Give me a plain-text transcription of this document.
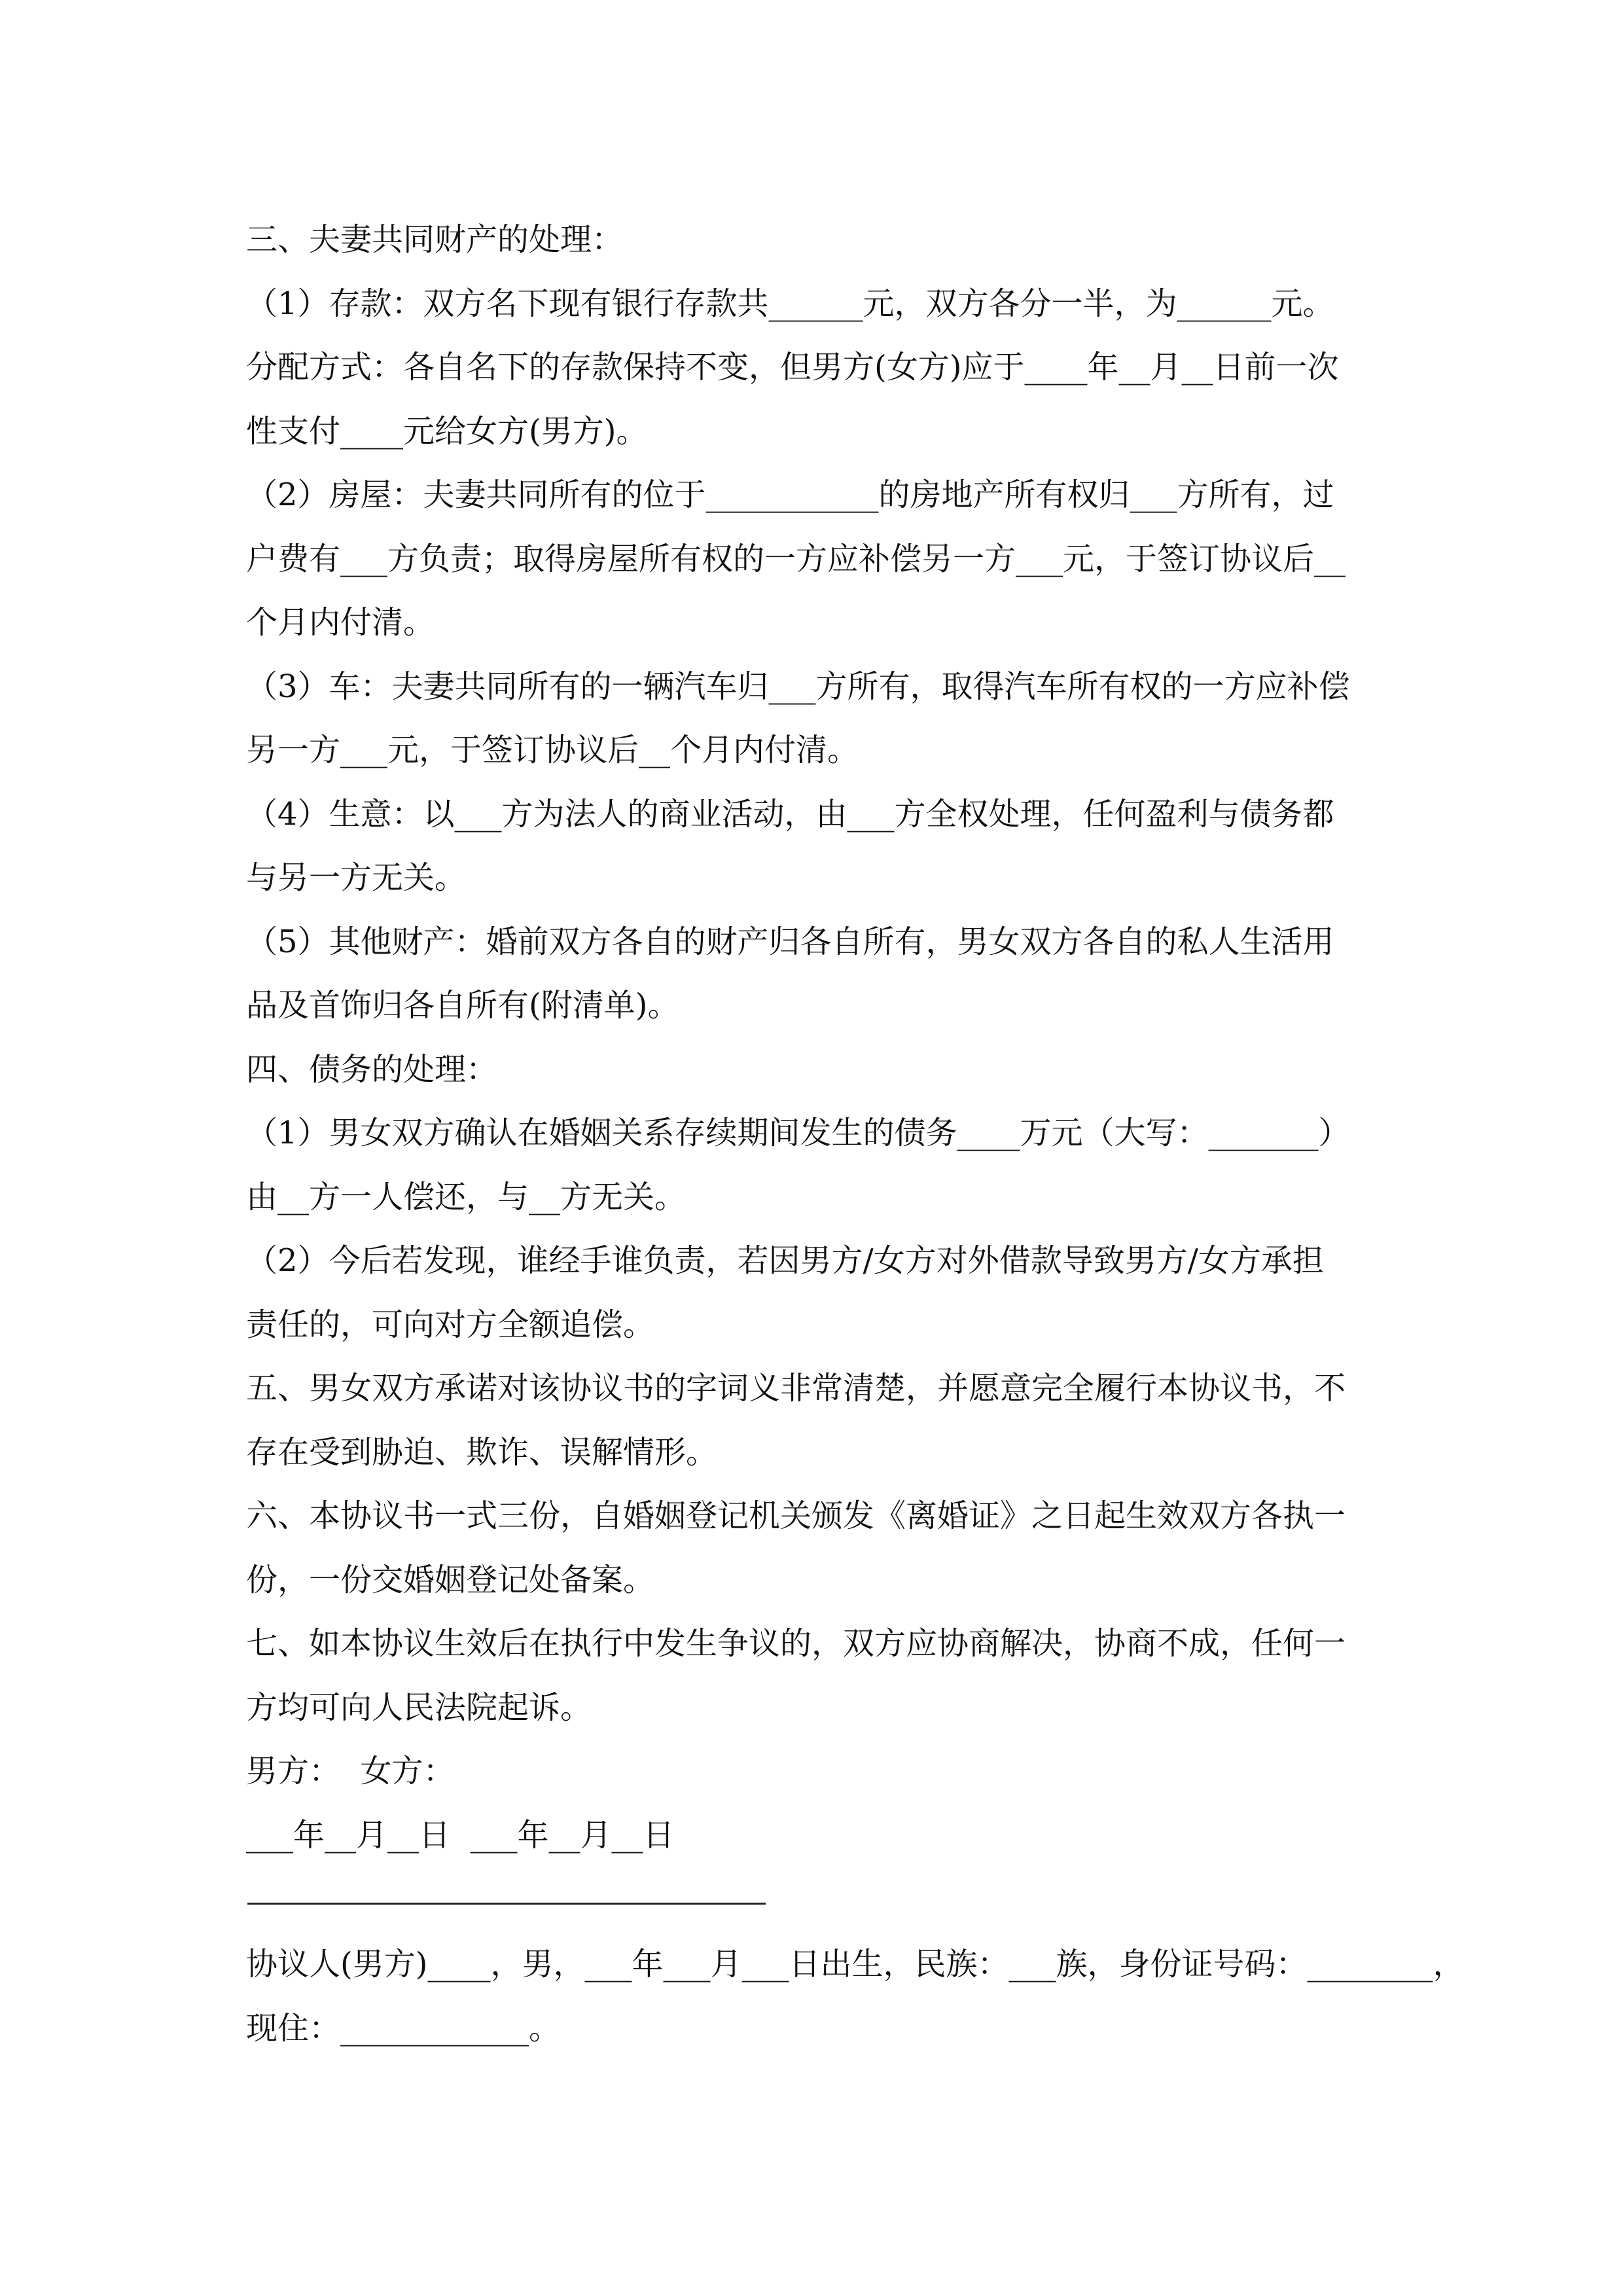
三、夫妻共同财产的处理：
（1）存款：双方名下现有银行存款共______元，双方各分一半，为______元。
分配方式：各自名下的存款保持不变，但男方(女方)应于____年__月__日前一次
性支付____元给女方(男方)。
（2）房屋：夫妻共同所有的位于___________的房地产所有权归___方所有，过
户费有___方负责；取得房屋所有权的一方应补偿另一方___元，于签订协议后__
个月内付清。
（3）车：夫妻共同所有的一辆汽车归___方所有，取得汽车所有权的一方应补偿
另一方___元，于签订协议后__个月内付清。
（4）生意：以___方为法人的商业活动，由___方全权处理，任何盈利与债务都
与另一方无关。
（5）其他财产：婚前双方各自的财产归各自所有，男女双方各自的私人生活用
品及首饰归各自所有(附清单)。
四、债务的处理：
（1）男女双方确认在婚姻关系存续期间发生的债务____万元（大写：_______）
由__方一人偿还，与__方无关。
（2）今后若发现，谁经手谁负责，若因男方/女方对外借款导致男方/女方承担
责任的，可向对方全额追偿。
五、男女双方承诺对该协议书的字词义非常清楚，并愿意完全履行本协议书，不
存在受到胁迫、欺诈、误解情形。
六、本协议书一式三份，自婚姻登记机关颁发《离婚证》之日起生效双方各执一
份，一份交婚姻登记处备案。
七、如本协议生效后在执行中发生争议的，双方应协商解决，协商不成，任何一
方均可向人民法院起诉。
男方：  女方：
___年__月__日  ___年__月__日
协议人(男方)____，男，___年___月___日出生，民族：___族，身份证号码：________，
现住：____________。
